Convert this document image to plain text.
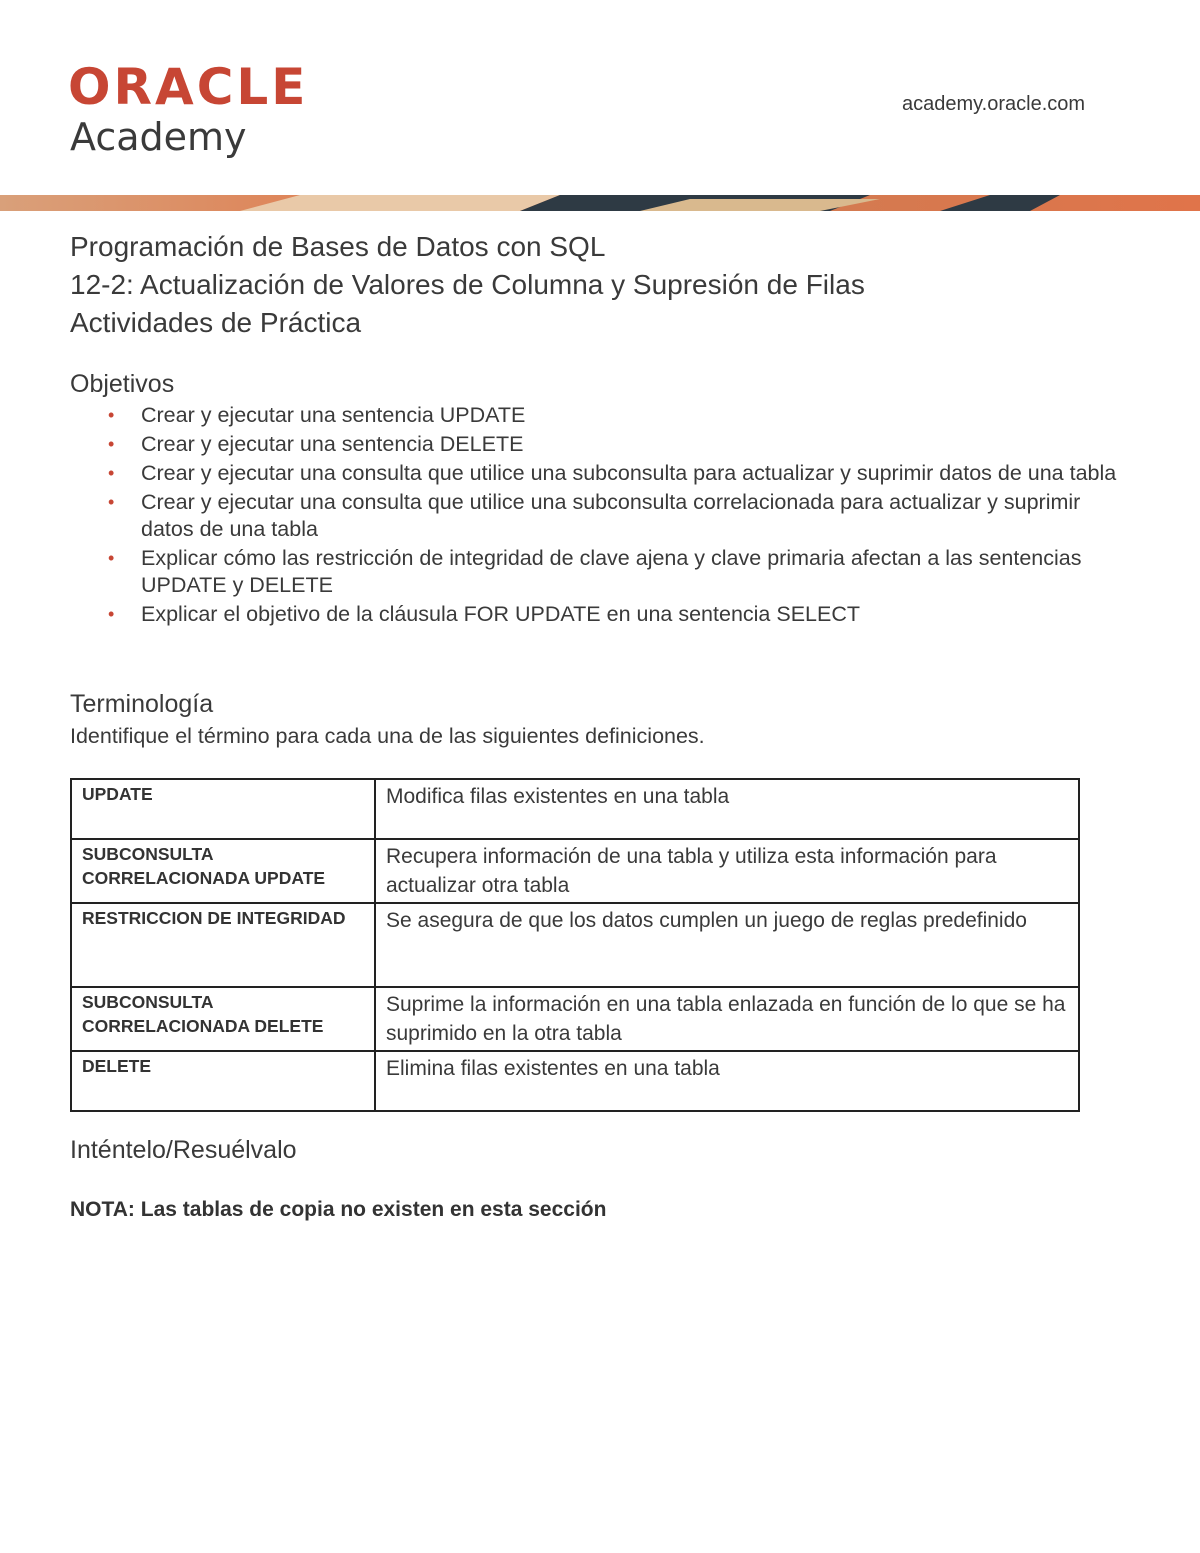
ORACLE
Academy
academy.oracle.com
Programación de Bases de Datos con SQL
12-2: Actualización de Valores de Columna y Supresión de Filas
Actividades de Práctica
Objetivos
• Crear y ejecutar una sentencia UPDATE
• Crear y ejecutar una sentencia DELETE
• Crear y ejecutar una consulta que utilice una subconsulta para actualizar y suprimir datos de una tabla
• Crear y ejecutar una consulta que utilice una subconsulta correlacionada para actualizar y suprimir datos de una tabla
• Explicar cómo las restricción de integridad de clave ajena y clave primaria afectan a las sentencias UPDATE y DELETE
• Explicar el objetivo de la cláusula FOR UPDATE en una sentencia SELECT
Terminología
Identifique el término para cada una de las siguientes definiciones.
UPDATE	Modifica filas existentes en una tabla
SUBCONSULTA CORRELACIONADA UPDATE	Recupera información de una tabla y utiliza esta información para actualizar otra tabla
RESTRICCION DE INTEGRIDAD	Se asegura de que los datos cumplen un juego de reglas predefinido
SUBCONSULTA CORRELACIONADA DELETE	Suprime la información en una tabla enlazada en función de lo que se ha suprimido en la otra tabla
DELETE	Elimina filas existentes en una tabla
Inténtelo/Resuélvalo
NOTA: Las tablas de copia no existen en esta sección
